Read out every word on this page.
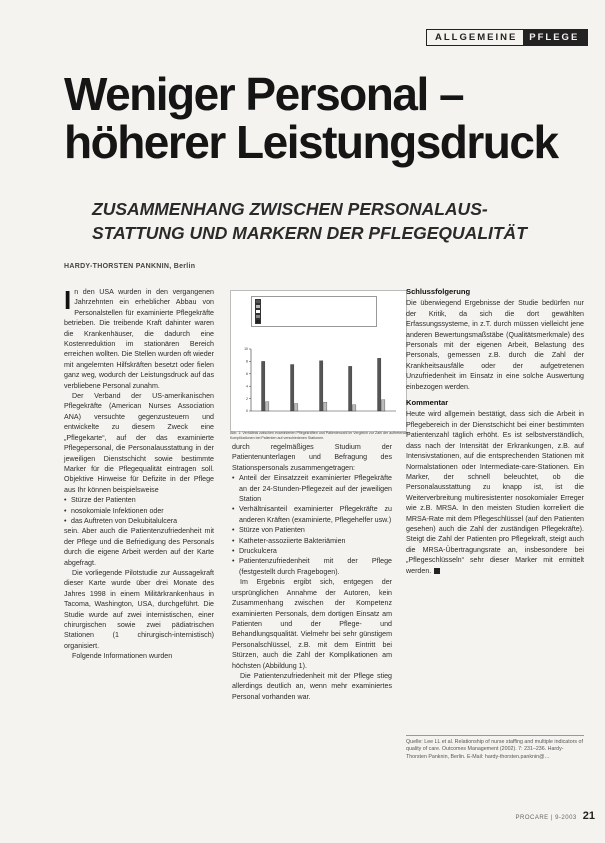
ALLGEMEINE	PFLEGE
Weniger Personal –
höherer Leistungsdruck
ZUSAMMENHANG ZWISCHEN PERSONALAUS-
STATTUNG UND MARKERN DER PFLEGEQUALITÄT
HARDY-THORSTEN PANKNIN, Berlin

In den USA wurden in den vergangenen Jahrzehnten ein erheblicher Abbau von Personalstellen für examinierte Pflegekräfte betrieben. Die treibende Kraft dahinter waren die Krankenhäuser, die dadurch eine Kostenreduktion im stationären Bereich erreichen wollten. Die Stellen wurden oft wieder mit angelernten Hilfskräften besetzt oder fielen ganz weg, wodurch der Leistungsdruck auf das verbliebene Personal zunahm.

Der Verband der US-amerikanischen Pflegekräfte (American Nurses Association ANA) versuchte gegenzusteuern und entwickelte zu diesem Zweck eine „Pflegekarte“, auf der das examinierte Pflegepersonal, die Personalausstattung in der jeweiligen Dienstschicht sowie bestimmte Marker für die Pflegequalität eintragen soll. Objektive Hinweise für Defizite in der Pflege aus Ihr können beispielsweise

• Stürze der Patienten
• nosokomiale Infektionen oder
• das Auftreten von Dekubitalulcera

sein. Aber auch die Patientenzufriedenheit mit der Pflege und die Befriedigung des Personals durch die eigene Arbeit werden auf der Karte abgefragt.

Die vorliegende Pilotstudie zur Aussagekraft dieser Karte wurde über drei Monate des Jahres 1998 in einem Militärkrankenhaus in Tacoma, Washington, USA, durchgeführt. Die Studie wurde auf zwei internistischen, einer chirurgischen sowie zwei pädiatrischen Stationen (1 chirurgisch-internistisch) organisiert.

Folgende Informationen wurden

0
2
4
6
8
10
Abb. 1: Verhältnis zwischen examinierten Pflegekräften und Patientenzahl im Vergleich zur Zahl der auftretenden Komplikationen bei Patienten auf verschiedenen Stationen.

durch regelmäßiges Studium der Patientenunterlagen und Befragung des Stationspersonals zusammengetragen:

• Anteil der Einsatzzeit examinierter Pflegekräfte an der 24-Stunden-Pflegezeit auf der jeweiligen Station
• Verhältnisanteil examinierter Pflegekräfte zu anderen Kräften (examinierte, Pflegehelfer usw.)
• Stürze von Patienten
• Katheter-assoziierte Bakteriämien
• Druckulcera
• Patientenzufriedenheit mit der Pflege (festgestellt durch Fragebogen).

Im Ergebnis ergibt sich, entgegen der ursprünglichen Annahme der Autoren, kein Zusammenhang zwischen der Kompetenz examinierten Personals, dem dortigen Einsatz am Patienten und der Pflege- und Behandlungsqualität. Vielmehr bei sehr günstigem Personalschlüssel, z.B. mit dem Eintritt bei Stürzen, auch die Zahl der Komplikationen am höchsten (Abbildung 1).

Die Patientenzufriedenheit mit der Pflege stieg allerdings deutlich an, wenn mehr examiniertes Personal vorhanden war.

Schlussfolgerung

Die überwiegend Ergebnisse der Studie bedürfen nur der Kritik, da sich die dort gewählten Erfassungssysteme, in z.T. durch müssen vielleicht jene anderen Bewertungsmaßstäbe (Qualitätsmerkmale) des Personals mit der eigenen Arbeit, Belastung des Personals, gemessen z.B. durch die Zahl der Krankheitsausfälle oder der aufgetretenen Unzufriedenheit im Einsatz in eine solche Auswertung einbezogen werden.

Kommentar

Heute wird allgemein bestätigt, dass sich die Arbeit in Pflegebereich in der Dienstschicht bei einer bestimmten Patientenzahl täglich erhöht. Es ist selbstverständlich, dass nach der Intensität der Erkrankungen, z.B. auf Intensivstationen, auf die entsprechenden Stationen mit Normalstationen oder Intermediate-care-Stationen. Ein Marker, der schnell beleuchtet, ob die Personalausstattung zu knapp ist, ist die Weiterverbreitung multiresistenter nosokomialer Erreger wie z.B. MRSA. In den meisten Studien korreliert die MRSA-Rate mit dem Pflegeschlüssel (auf den Patienten gesehen) auch die Zahl der zuständigen Pflegekräfte). Steigt die Zahl der Patienten pro Pflegekraft, steigt auch die MRSA-Übertragungsrate an, insbesondere bei „Pflegeschlüsseln“ sehr dieser Marker mit ermittelt werden.

Quelle: Lee LL et al. Relationship of nurse staffing and multiple indicators of quality of care. Outcomes Management (2002). 7: 231–236. Hardy-Thorsten Panknin, Berlin. E-Mail: hardy-thorsten.panknin@…
PROCARE | 9-2003 21
